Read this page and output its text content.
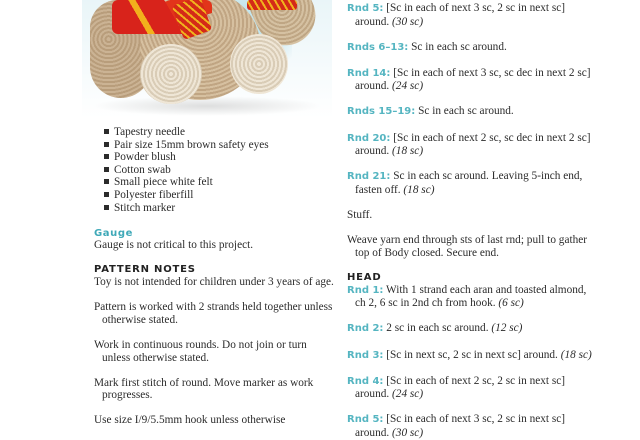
Tapestry needle
Pair size 15mm brown safety eyes
Powder blush
Cotton swab
Small piece white felt
Polyester fiberfill
Stitch marker
Gauge

Gauge is not critical to this project.

PATTERN NOTES

Toy is not intended for children under 3 years of age.

Pattern is worked with 2 strands held together unless otherwise stated.

Work in continuous rounds. Do not join or turn unless otherwise stated.

Mark first stitch of round. Move marker as work progresses.

Use size I/9/5.5mm hook unless otherwise

Rnd 5: [Sc in each of next 3 sc, 2 sc in next sc] around. (30 sc)

Rnds 6–13: Sc in each sc around.

Rnd 14: [Sc in each of next 3 sc, sc dec in next 2 sc] around. (24 sc)

Rnds 15–19: Sc in each sc around.

Rnd 20: [Sc in each of next 2 sc, sc dec in next 2 sc] around. (18 sc)

Rnd 21: Sc in each sc around. Leaving 5-inch end, fasten off. (18 sc)

Stuff.

Weave yarn end through sts of last rnd; pull to gather top of Body closed. Secure end.

HEAD

Rnd 1: With 1 strand each aran and toasted almond, ch 2, 6 sc in 2nd ch from hook. (6 sc)

Rnd 2: 2 sc in each sc around. (12 sc)

Rnd 3: [Sc in next sc, 2 sc in next sc] around. (18 sc)

Rnd 4: [Sc in each of next 2 sc, 2 sc in next sc] around. (24 sc)

Rnd 5: [Sc in each of next 3 sc, 2 sc in next sc] around. (30 sc)
